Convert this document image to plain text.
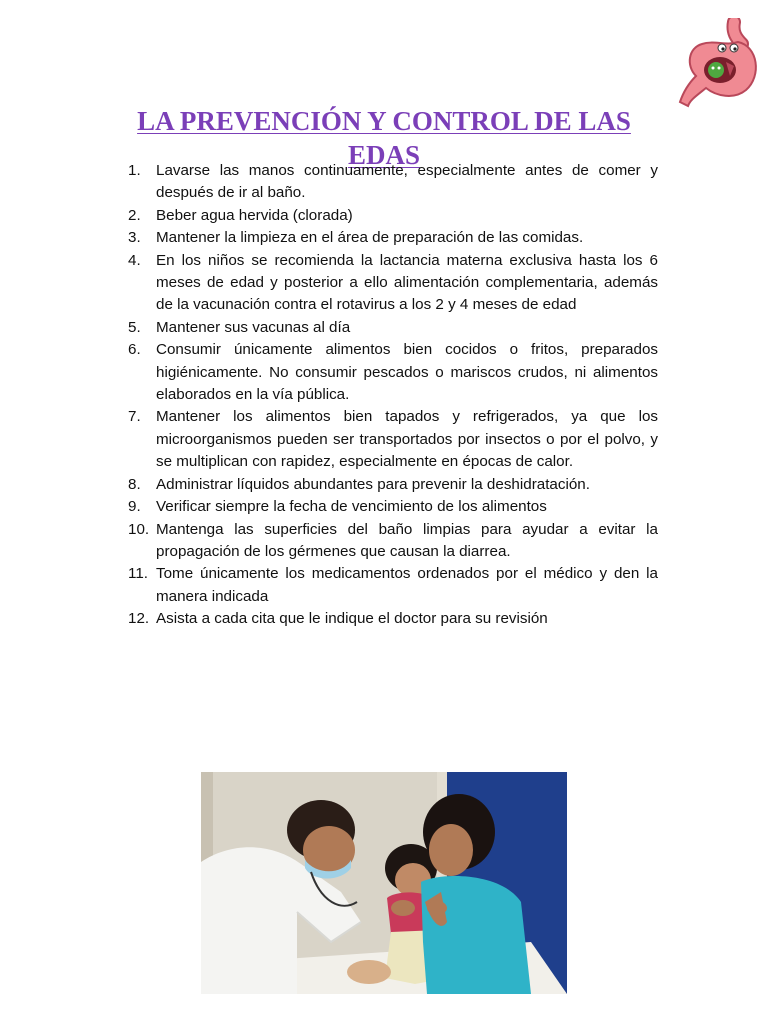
LA PREVENCIÓN Y CONTROL DE LAS
EDAS
1. Lavarse las manos continuamente, especialmente antes de comer y después de ir al baño.
2. Beber agua hervida (clorada)
3. Mantener la limpieza en el área de preparación de las comidas.
4. En los niños se recomienda la lactancia materna exclusiva hasta los 6 meses de edad y posterior a ello alimentación complementaria, además de la vacunación contra el rotavirus a los 2 y 4 meses de edad
5. Mantener sus vacunas al día
6. Consumir únicamente alimentos bien cocidos o fritos, preparados higiénicamente. No consumir pescados o mariscos crudos, ni alimentos elaborados en la vía pública.
7. Mantener los alimentos bien tapados y refrigerados, ya que los microorganismos pueden ser transportados por insectos o por el polvo, y se multiplican con rapidez, especialmente en épocas de calor.
8. Administrar líquidos abundantes para prevenir la deshidratación.
9. Verificar siempre la fecha de vencimiento de los alimentos
10. Mantenga las superficies del baño limpias para ayudar a evitar la propagación de los gérmenes que causan la diarrea.
11. Tome únicamente los medicamentos ordenados por el médico y den la manera indicada
12. Asista a cada cita que le indique el doctor para su revisión
